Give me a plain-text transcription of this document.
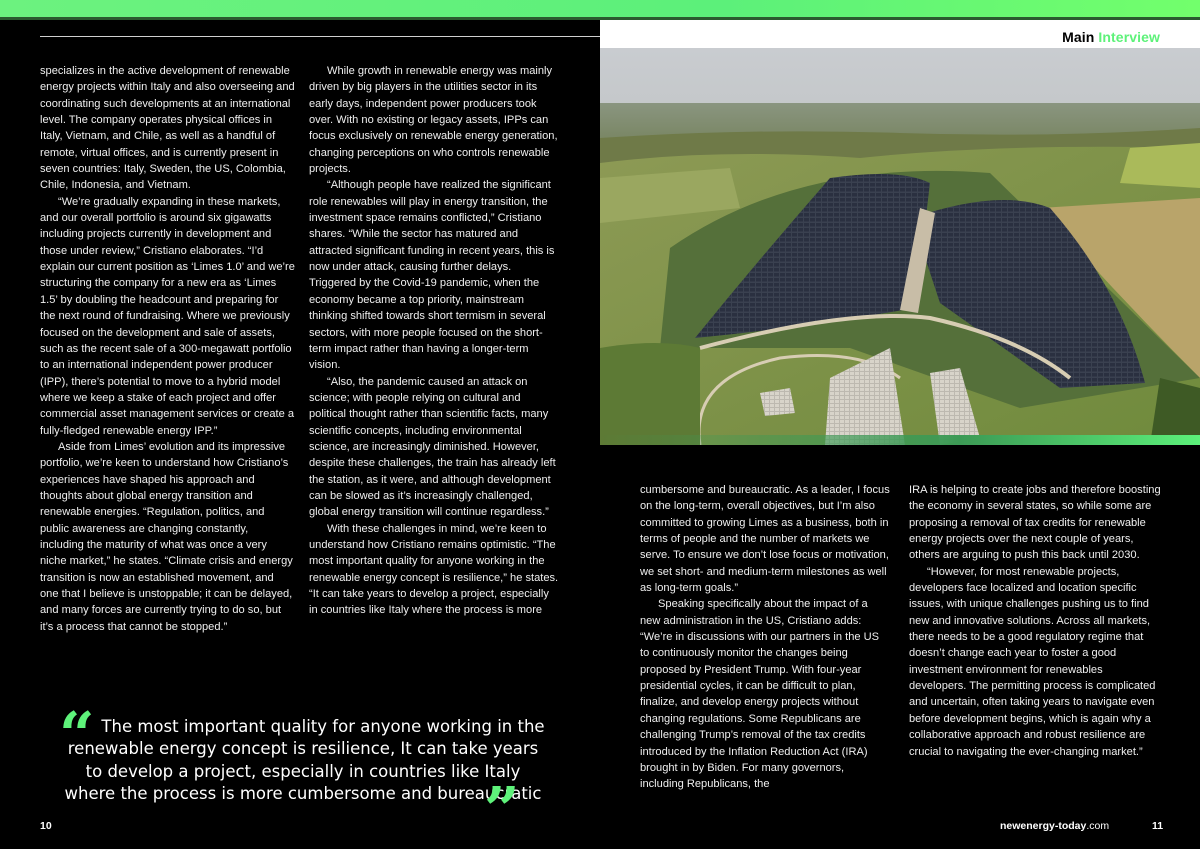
Main Interview

specializes in the active development of renewable energy projects within Italy and also overseeing and coordinating such developments at an international level. The company operates physical offices in Italy, Vietnam, and Chile, as well as a handful of remote, virtual offices, and is currently present in seven countries: Italy, Sweden, the US, Colombia, Chile, Indonesia, and Vietnam.

“We’re gradually expanding in these markets, and our overall portfolio is around six gigawatts including projects currently in development and those under review,” Cristiano elaborates. “I’d explain our current position as ‘Limes 1.0’ and we’re structuring the company for a new era as ‘Limes 1.5’ by doubling the headcount and preparing for the next round of fundraising. Where we previously focused on the development and sale of assets, such as the recent sale of a 300-megawatt portfolio to an international independent power producer (IPP), there’s potential to move to a hybrid model where we keep a stake of each project and offer commercial asset management services or create a fully-fledged renewable energy IPP.”

Aside from Limes’ evolution and its impressive portfolio, we’re keen to understand how Cristiano’s experiences have shaped his approach and thoughts about global energy transition and renewable energies. “Regulation, politics, and public awareness are changing constantly, including the maturity of what was once a very niche market,” he states. “Climate crisis and energy transition is now an established movement, and one that I believe is unstoppable; it can be delayed, and many forces are currently trying to do so, but it’s a process that cannot be stopped.”

While growth in renewable energy was mainly driven by big players in the utilities sector in its early days, independent power producers took over. With no existing or legacy assets, IPPs can focus exclusively on renewable energy generation, changing perceptions on who controls renewable projects.

“Although people have realized the significant role renewables will play in energy transition, the investment space remains conflicted,” Cristiano shares. “While the sector has matured and attracted significant funding in recent years, this is now under attack, causing further delays. Triggered by the Covid-19 pandemic, when the economy became a top priority, mainstream thinking shifted towards short termism in several sectors, with more people focused on the short-term impact rather than having a longer-term vision.

“Also, the pandemic caused an attack on science; with people relying on cultural and political thought rather than scientific facts, many scientific concepts, including environmental science, are increasingly diminished. However, despite these challenges, the train has already left the station, as it were, and although development can be slowed as it’s increasingly challenged, global energy transition will continue regardless.”

With these challenges in mind, we’re keen to understand how Cristiano remains optimistic. “The most important quality for anyone working in the renewable energy concept is resilience,” he states. “It can take years to develop a project, especially in countries like Italy where the process is more

cumbersome and bureaucratic. As a leader, I focus on the long-term, overall objectives, but I’m also committed to growing Limes as a business, both in terms of people and the number of markets we serve. To ensure we don’t lose focus or motivation, we set short- and medium-term milestones as well as long-term goals.”

Speaking specifically about the impact of a new administration in the US, Cristiano adds: “We’re in discussions with our partners in the US to continuously monitor the changes being proposed by President Trump. With four-year presidential cycles, it can be difficult to plan, finalize, and develop energy projects without changing regulations. Some Republicans are challenging Trump’s removal of the tax credits introduced by the Inflation Reduction Act (IRA) brought in by Biden. For many governors, including Republicans, the

IRA is helping to create jobs and therefore boosting the economy in several states, so while some are proposing a removal of tax credits for renewable energy projects over the next couple of years, others are arguing to push this back until 2030.

“However, for most renewable projects, developers face localized and location specific issues, with unique challenges pushing us to find new and innovative solutions. Across all markets, there needs to be a good regulatory regime that doesn’t change each year to foster a good investment environment for renewables developers. The permitting process is complicated and uncertain, often taking years to navigate even before development begins, which is again why a collaborative approach and robust resilience are crucial to navigating the ever-changing market.”

“ The most important quality for anyone working in the renewable energy concept is resilience, It can take years to develop a project, especially in countries like Italy where the process is more cumbersome and bureaucratic
”
10	newenergy-today.com	11
